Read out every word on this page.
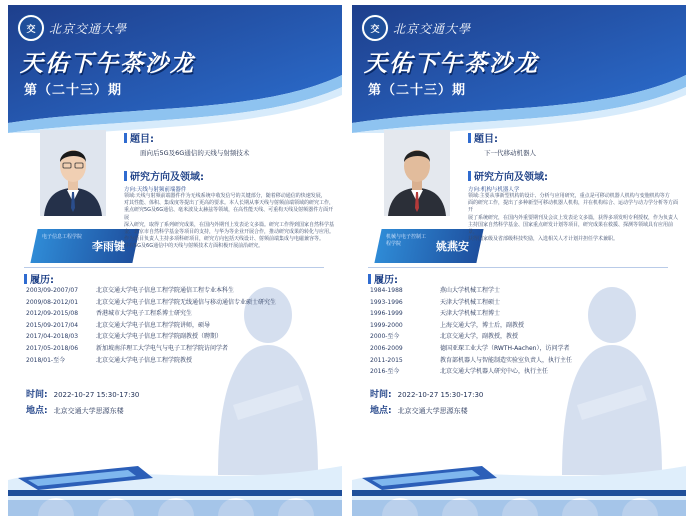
交	北京交通大學
天佑下午茶沙龙
第（二十三）期
电子信息工程学院
李雨键
题目:
面向后5G及6G通信的天线与射频技术
研究方向及领域:
方向:天线与射频前端器件
领域:天线与射频前端器件作为无线系统中收发信号的关键部分，随着移动通信的快速发展，
对其性能、体积、集成度等提出了更高的要求。本人长期从事天线与射频前端领域的研究工作，
重点研究5G及6G通信、毫米波及太赫兹等领域，在高性能天线、可重构天线及射频器件方面开展
深入研究，取得了系列研究成果，在国内外期刊上发表论文多篇。研究工作得到国家自然科学基
金、北京市自然科学基金等项目的支持，与华为等企业开展合作，推动研究成果的转化与应用。
作为项目负责人主持多项科研项目，研究方向包括天线设计、射频前端集成与电磁兼容等。
并在5G及6G通信中的天线与射频技术方面积极开展前沿研究。
履历:
2003/09-2007/07	北京交通大学电子信息工程学院通信工程专业本科生
2009/08-2012/01	北京交通大学电子信息工程学院无线通信与移动通信专业硕士研究生
2012/09-2015/08	香港城市大学电子工程系博士研究生
2015/09-2017/04	北京交通大学电子信息工程学院讲师，硕导
2017/04-2018/03	北京交通大学电子信息工程学院副教授（聘期）
2017/05-2018/06	新加坡南洋理工大学电气与电子工程学院访问学者
2018/01-至今	北京交通大学电子信息工程学院教授
时间: 2022-10-27 15:30-17:30
地点: 北京交通大学思源东楼
交	北京交通大學
天佑下午茶沙龙
第（二十三）期
机械与电子控制工程学院	姚燕安
题目:
下一代移动机器人
研究方向及领域:
方向:机构与机器人学
领域:主要从事新型机构的设计、分析与应用研究，重点是可移动机器人机构与变胞机构等方
面的研究工作，提出了多种新型可移动机器人机构，并在机构综合、运动学与动力学分析等方面开
展了系统研究，在国内外重要期刊及会议上发表论文多篇，获得多项发明专利授权，作为负责人
主持国家自然科学基金、国家重点研发计划等项目，研究成果在救援、探测等领域具有应用前景，
获得国家级及省部级科技奖励，入选相关人才计划并担任学术兼职。
履历:
1984-1988	燕山大学机械工程学士
1993-1996	天津大学机械工程硕士
1996-1999	天津大学机械工程博士
1999-2000	上海交通大学，博士后，副教授
2000-至今	北京交通大学，副教授，教授
2006-2009	德国亚琛工业大学（RWTH-Aachen），访问学者
2011-2015	教育部机器人与智能制造实验室负责人，执行主任
2016-至今	北京交通大学机器人研究中心，执行主任
时间: 2022-10-27 15:30-17:30
地点: 北京交通大学思源东楼
